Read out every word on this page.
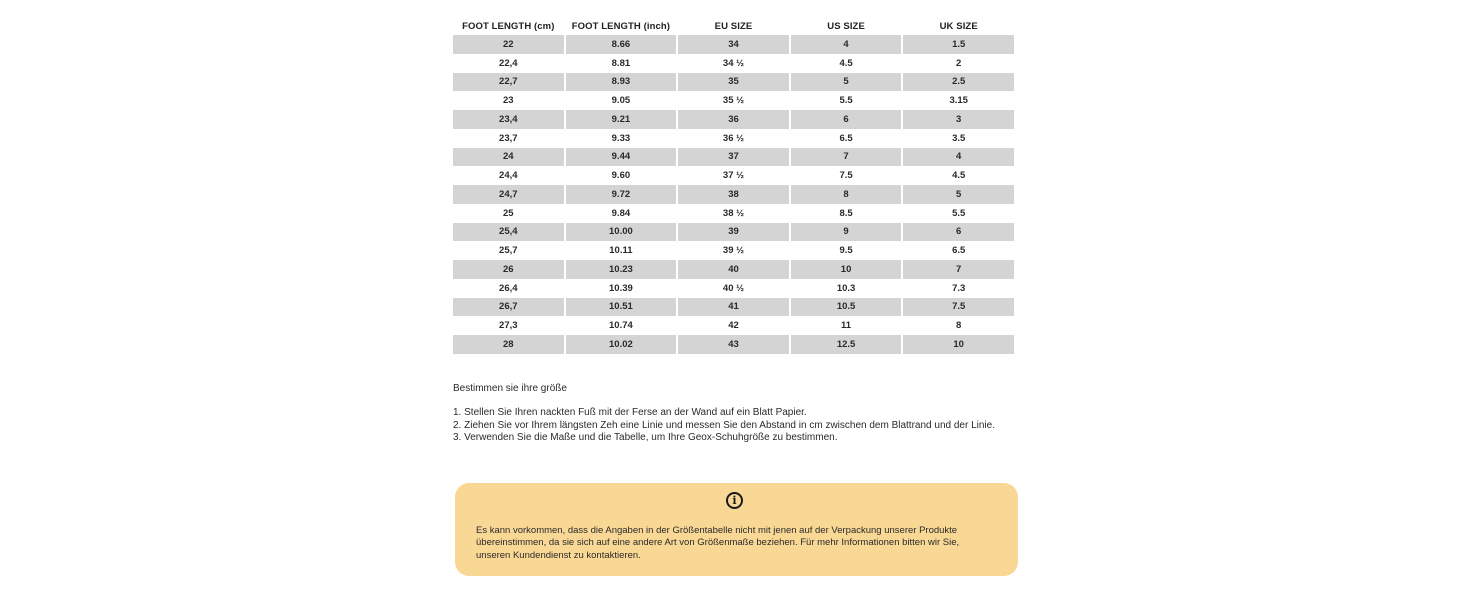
FOOT LENGTH (cm)	FOOT LENGTH (inch)	EU SIZE	US SIZE	UK SIZE
22	8.66	34	4	1.5
22,4	8.81	34 ½	4.5	2
22,7	8.93	35	5	2.5
23	9.05	35 ½	5.5	3.15
23,4	9.21	36	6	3
23,7	9.33	36 ½	6.5	3.5
24	9.44	37	7	4
24,4	9.60	37 ½	7.5	4.5
24,7	9.72	38	8	5
25	9.84	38 ½	8.5	5.5
25,4	10.00	39	9	6
25,7	10.11	39 ½	9.5	6.5
26	10.23	40	10	7
26,4	10.39	40 ½	10.3	7.3
26,7	10.51	41	10.5	7.5
27,3	10.74	42	11	8
28	10.02	43	12.5	10

Bestimmen sie ihre größe

1. Stellen Sie Ihren nackten Fuß mit der Ferse an der Wand auf ein Blatt Papier.
2. Ziehen Sie vor Ihrem längsten Zeh eine Linie und messen Sie den Abstand in cm zwischen dem Blattrand und der Linie.
3. Verwenden Sie die Maße und die Tabelle, um Ihre Geox-Schuhgröße zu bestimmen.
i
Es kann vorkommen, dass die Angaben in der Größentabelle nicht mit jenen auf der Verpackung unserer Produkte übereinstimmen, da sie sich auf eine andere Art von Größenmaße beziehen. Für mehr Informationen bitten wir Sie, unseren Kundendienst zu kontaktieren.
